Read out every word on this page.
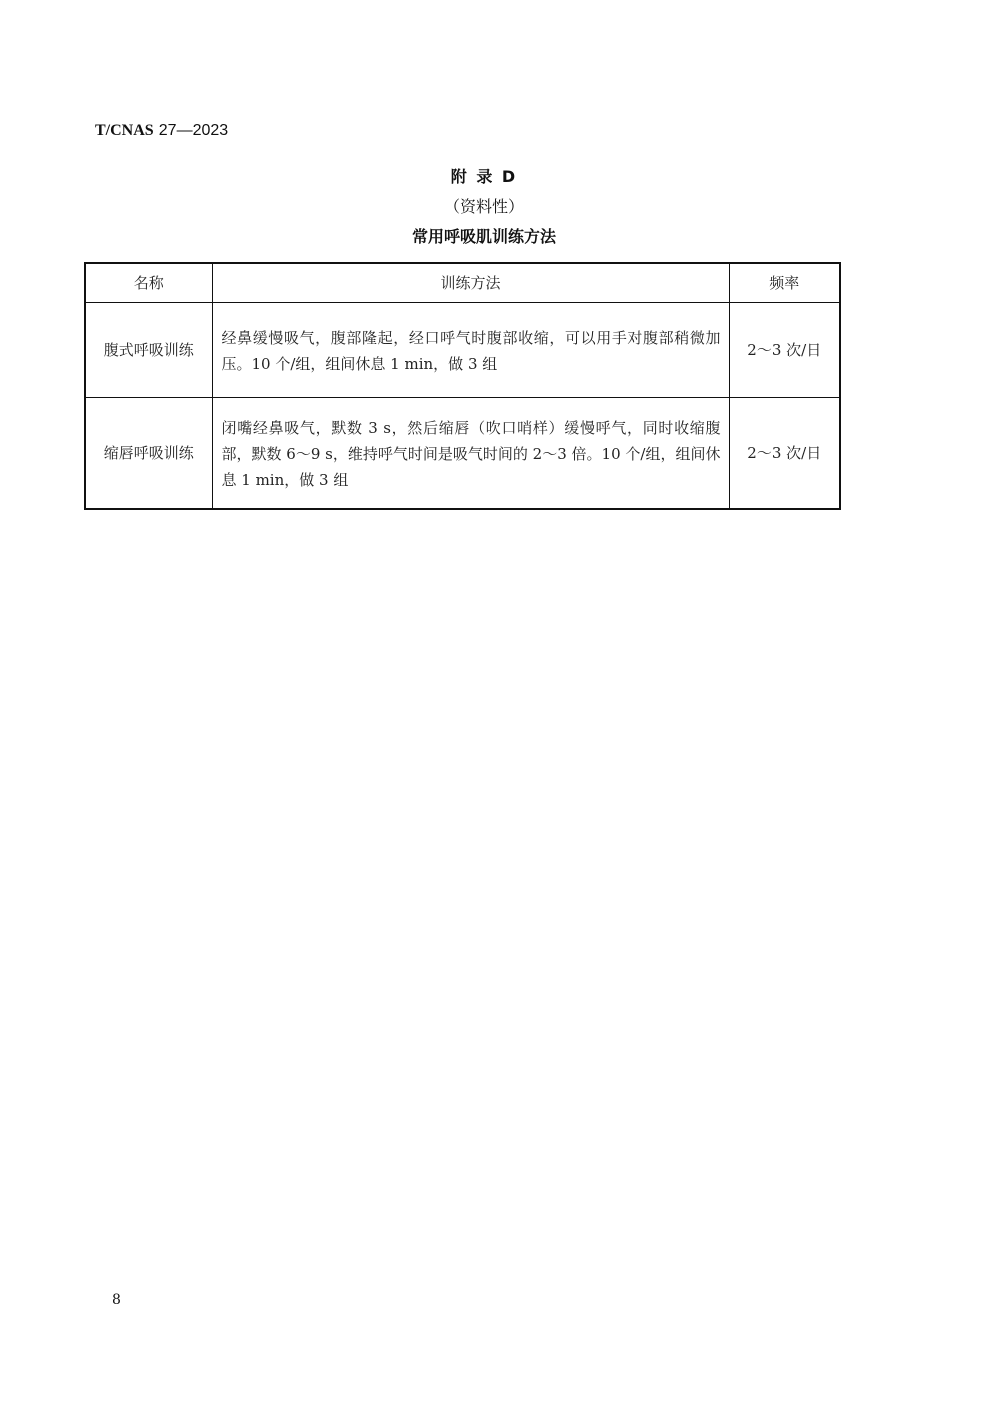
T/CNAS 27—2023
附 录 D
（资料性）
常用呼吸肌训练方法
名称	训练方法	频率
腹式呼吸训练	经鼻缓慢吸气，腹部隆起，经口呼气时腹部收缩，可以用手对腹部稍微加压。10 个/组，组间休息 1 min，做 3 组	2～3 次/日
缩唇呼吸训练	闭嘴经鼻吸气，默数 3 s，然后缩唇（吹口哨样）缓慢呼气，同时收缩腹部，默数 6～9 s，维持呼气时间是吸气时间的 2～3 倍。10 个/组，组间休息 1 min，做 3 组	2～3 次/日
8
